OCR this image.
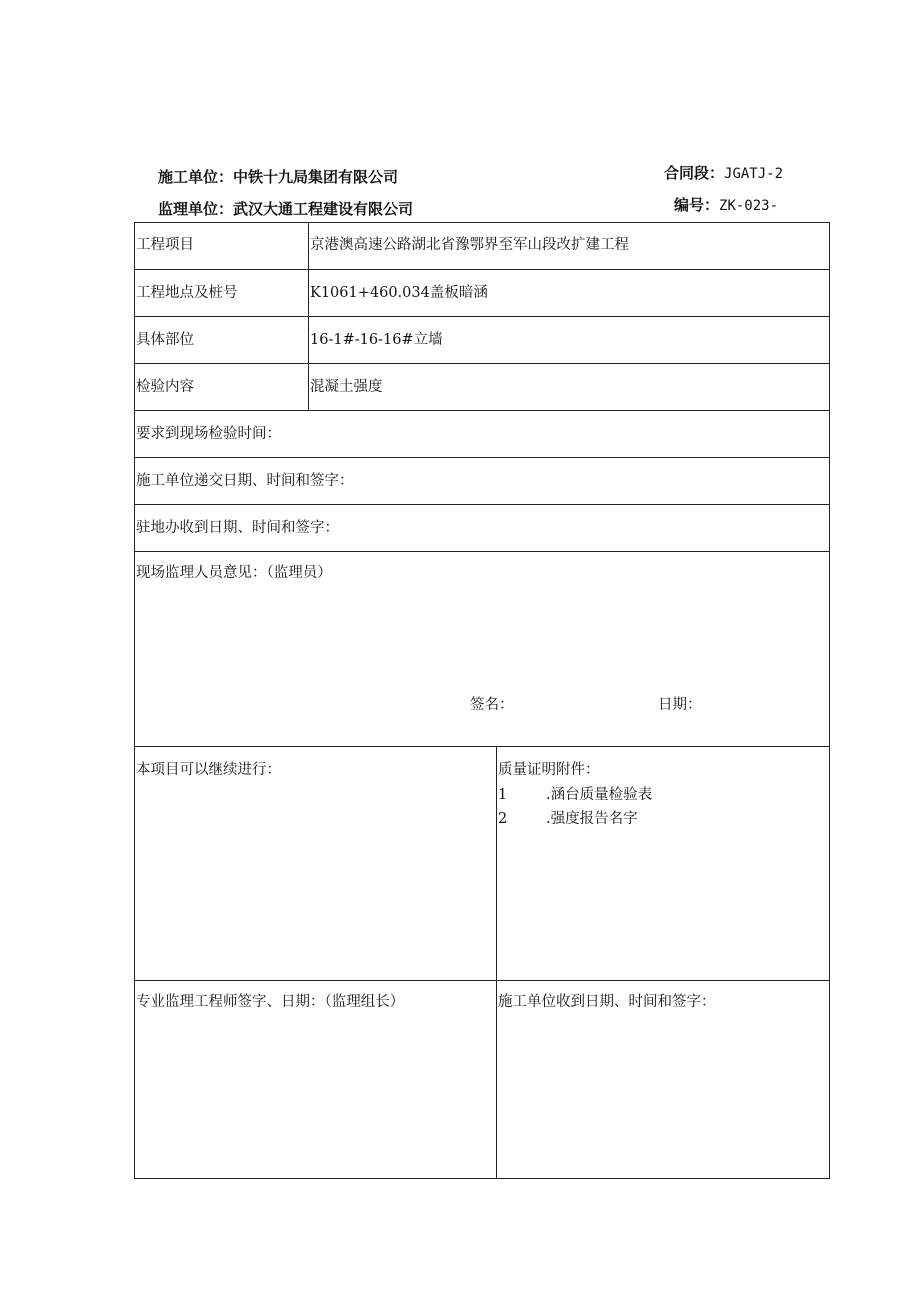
施工单位：中铁十九局集团有限公司	合同段：JGATJ-2
监理单位：武汉大通工程建设有限公司	编号：ZK-023-
工程项目	京港澳高速公路湖北省豫鄂界至军山段改扩建工程
工程地点及桩号	K1061+460.034盖板暗涵
具体部位	16-1#-16-16#立墙
检验内容	混凝土强度
要求到现场检验时间：
施工单位递交日期、时间和签字：
驻地办收到日期、时间和签字：
现场监理人员意见：（监理员）
签名：	日期：
本项目可以继续进行：	质量证明附件：
1	.涵台质量检验表
2	.强度报告名字
专业监理工程师签字、日期：（监理组长）	施工单位收到日期、时间和签字：
